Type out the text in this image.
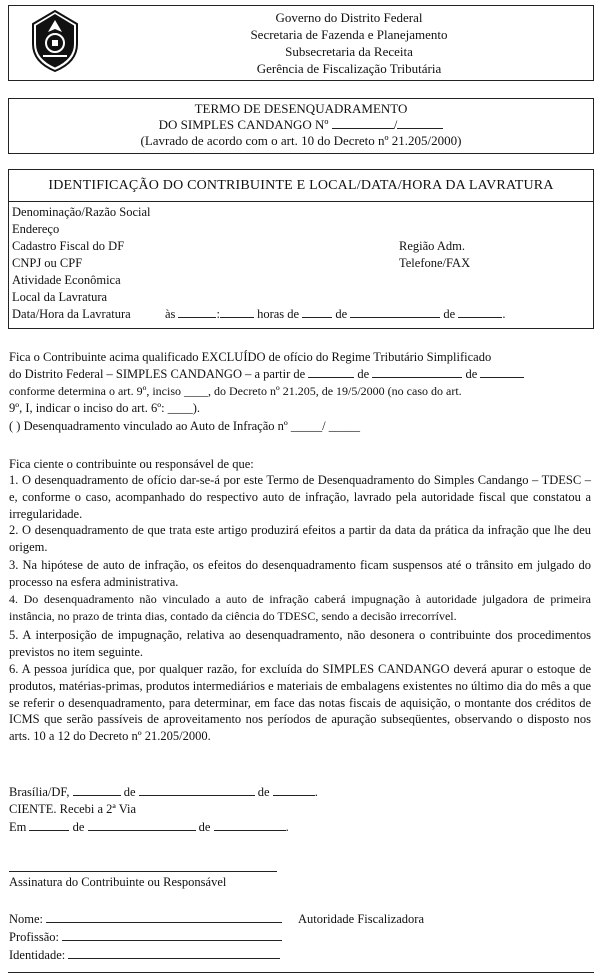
Governo do Distrito Federal
Secretaria de Fazenda e Planejamento
Subsecretaria da Receita
Gerência de Fiscalização Tributária
TERMO DE DESENQUADRAMENTO
DO SIMPLES CANDANGO Nº	/
(Lavrado de acordo com o art. 10 do Decreto nº 21.205/2000)
IDENTIFICAÇÃO DO CONTRIBUINTE E LOCAL/DATA/HORA DA LAVRATURA
Denominação/Razão Social
Endereço
Cadastro Fiscal do DF	Região Adm.
CNPJ ou CPF	Telefone/FAX
Atividade Econômica
Local da Lavratura
Data/Hora da Lavratura	às	:	horas de	de	de	.
Fica o Contribuinte acima qualificado EXCLUÍDO de ofício do Regime Tributário Simplificado
do Distrito Federal – SIMPLES CANDANGO – a partir de	de	de
conforme determina o art. 9º, inciso ____, do Decreto nº 21.205, de 19/5/2000 (no caso do art.
9º, I, indicar o inciso do art. 6º: ____).
( ) Desenquadramento vinculado ao Auto de Infração nº _____/ _____
Fica ciente o contribuinte ou responsável de que:
1. O desenquadramento de ofício dar-se-á por este Termo de Desenquadramento do Simples Candango – TDESC – e, conforme o caso, acompanhado do respectivo auto de infração, lavrado pela autoridade fiscal que constatou a irregularidade.
2. O desenquadramento de que trata este artigo produzirá efeitos a partir da data da prática da infração que lhe deu origem.
3. Na hipótese de auto de infração, os efeitos do desenquadramento ficam suspensos até o trânsito em julgado do processo na esfera administrativa.
4. Do desenquadramento não vinculado a auto de infração caberá impugnação à autoridade julgadora de primeira instância, no prazo de trinta dias, contado da ciência do TDESC, sendo a decisão irrecorrível.
5. A interposição de impugnação, relativa ao desenquadramento, não desonera o contribuinte dos procedimentos previstos no item seguinte.
6. A pessoa jurídica que, por qualquer razão, for excluída do SIMPLES CANDANGO deverá apurar o estoque de produtos, matérias-primas, produtos intermediários e materiais de embalagens existentes no último dia do mês a que se referir o desenquadramento, para determinar, em face das notas fiscais de aquisição, o montante dos créditos de ICMS que serão passíveis de aproveitamento nos períodos de apuração subseqüentes, observando o disposto nos arts. 10 a 12 do Decreto nº 21.205/2000.
Brasília/DF,	de	de	.
CIENTE. Recebi a 2ª Via
Em	de	de	.
Assinatura do Contribuinte ou Responsável
Nome:	Autoridade Fiscalizadora
Profissão:
Identidade:
